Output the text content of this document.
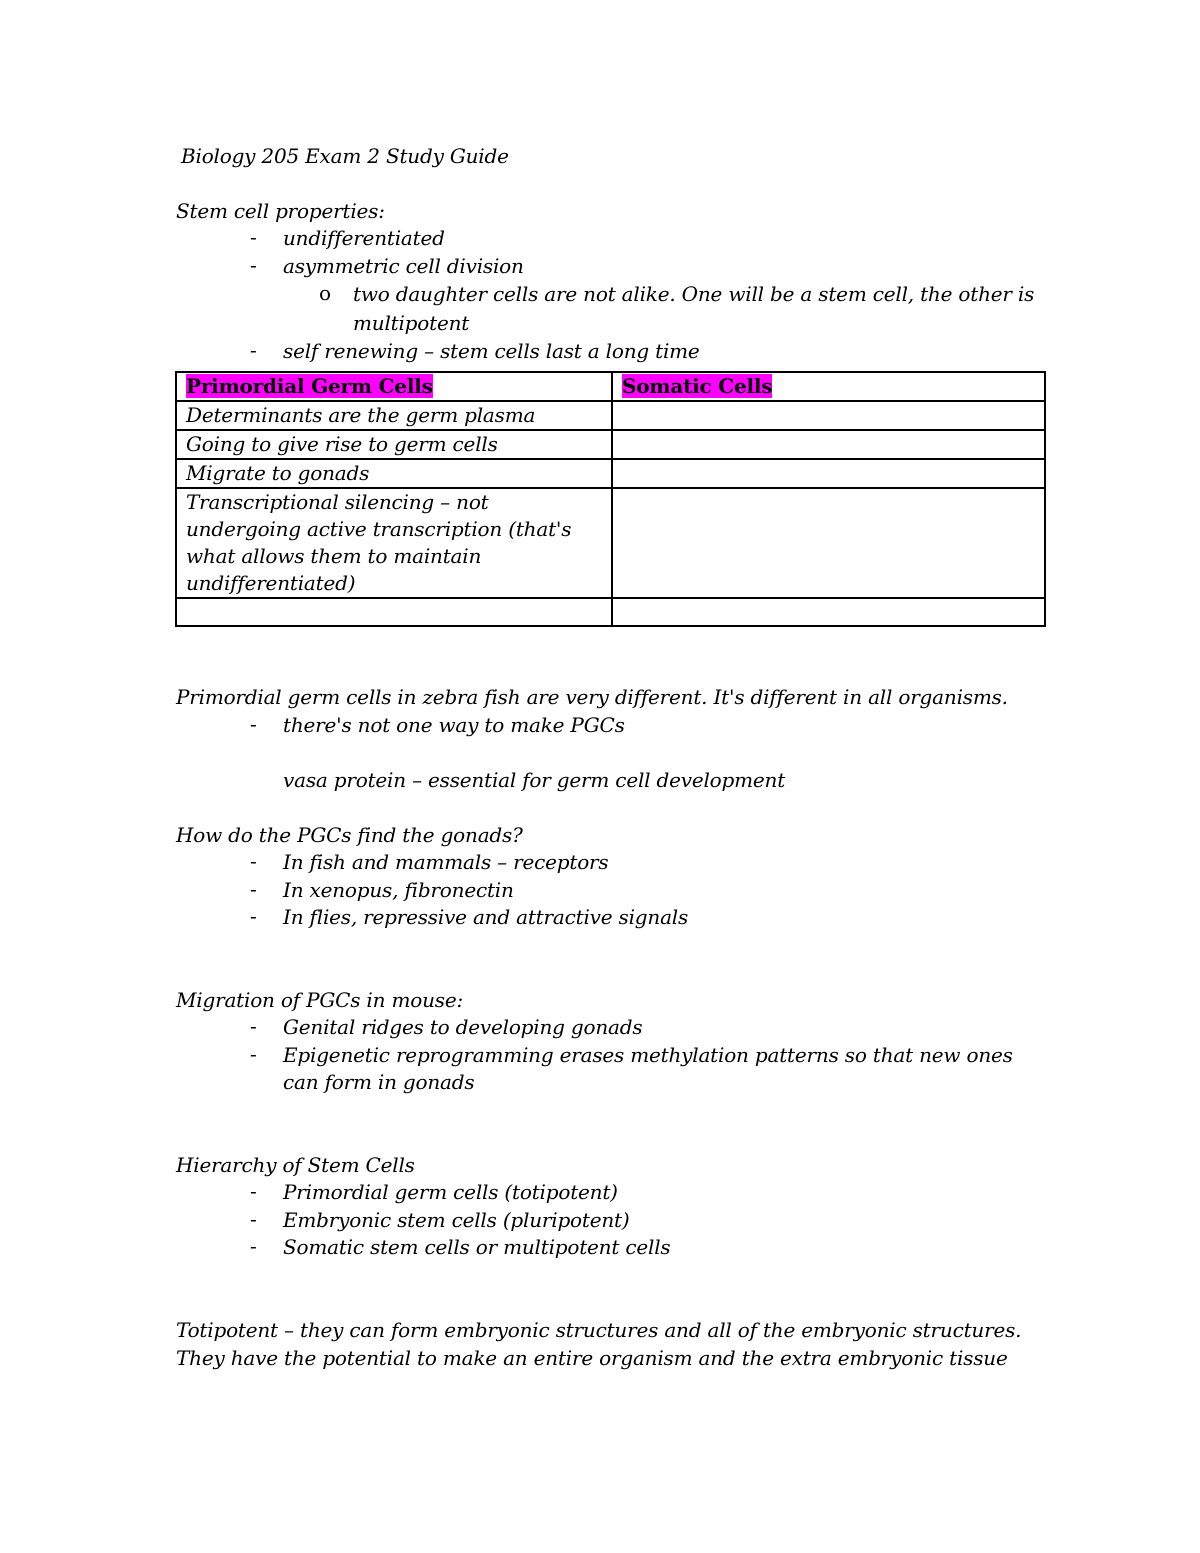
Biology 205 Exam 2 Study Guide
Stem cell properties:
- undifferentiated
- asymmetric cell division
o two daughter cells are not alike. One will be a stem cell, the other is
multipotent
- self renewing – stem cells last a long time
Primordial Germ Cells	Somatic Cells
Determinants are the germ plasma	
Going to give rise to germ cells	
Migrate to gonads	

Transcriptional silencing – not
undergoing active transcription (that's
what allows them to maintain
undifferentiated)	

Primordial germ cells in zebra fish are very different. It's different in all organisms.
- there's not one way to make PGCs
vasa protein – essential for germ cell development
How do the PGCs find the gonads?
- In fish and mammals – receptors
- In xenopus, fibronectin
- In flies, repressive and attractive signals
Migration of PGCs in mouse:
- Genital ridges to developing gonads
- Epigenetic reprogramming erases methylation patterns so that new ones
can form in gonads
Hierarchy of Stem Cells
- Primordial germ cells (totipotent)
- Embryonic stem cells (pluripotent)
- Somatic stem cells or multipotent cells
Totipotent – they can form embryonic structures and all of the embryonic structures.
They have the potential to make an entire organism and the extra embryonic tissue
